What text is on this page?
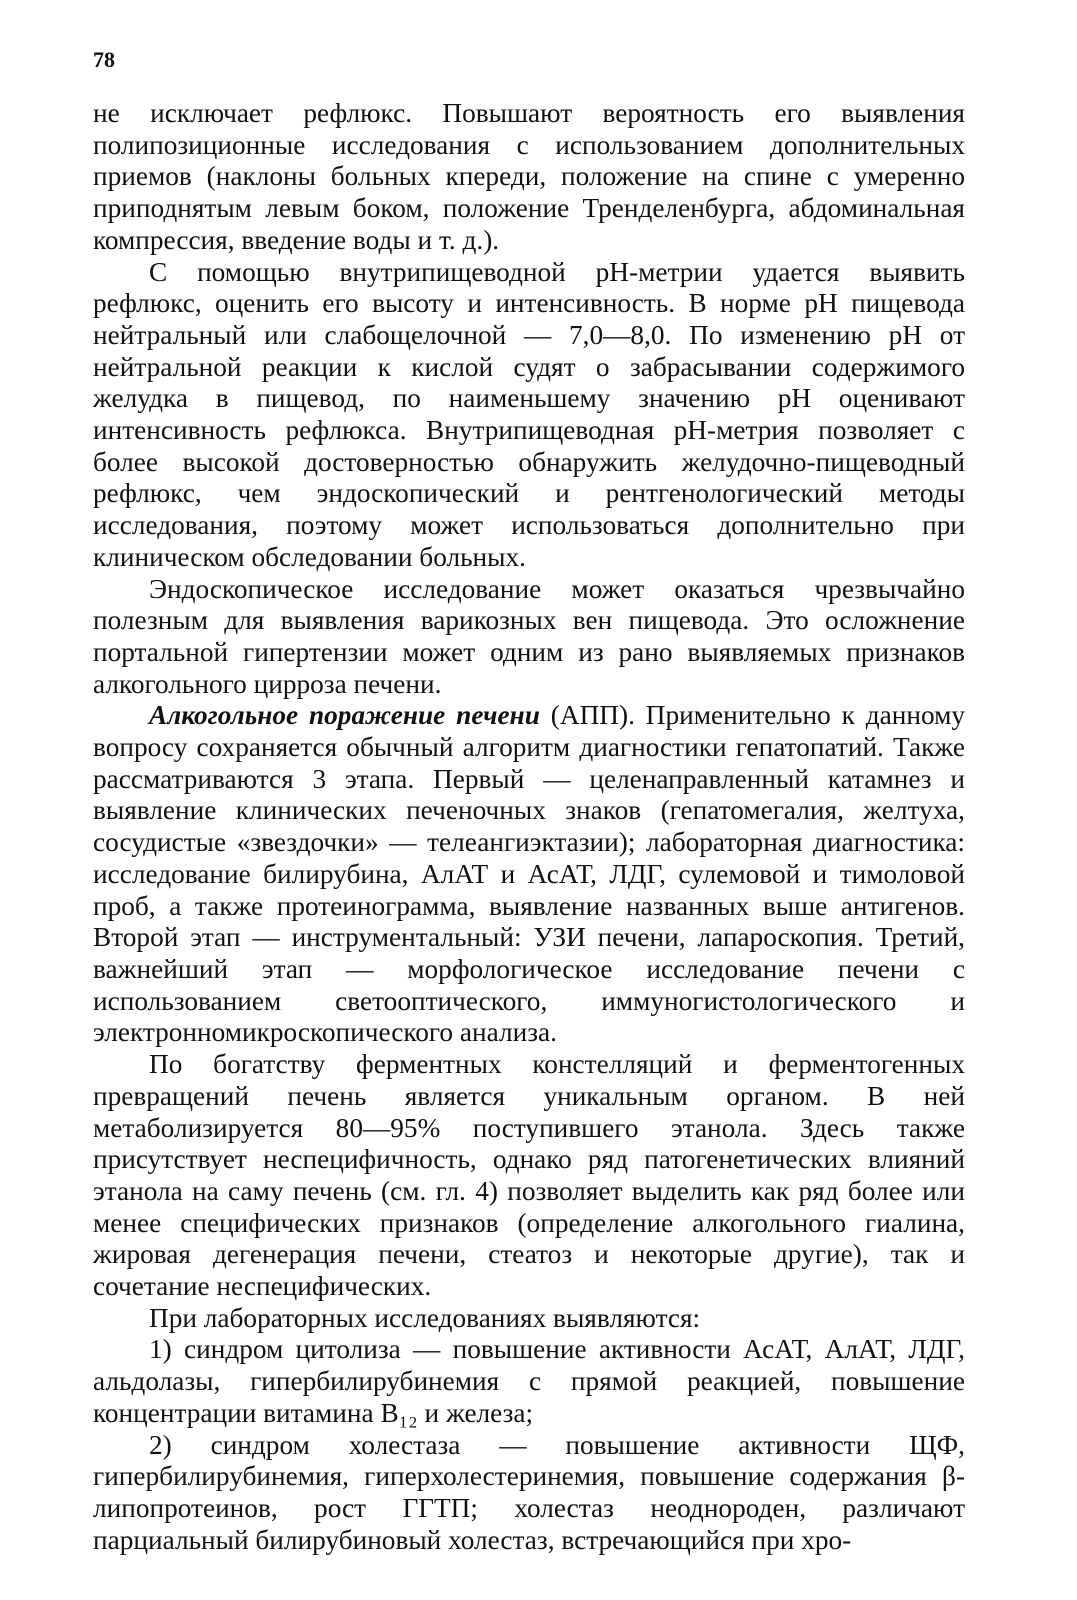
78

не исключает рефлюкс. Повышают вероятность его выявления полипозиционные исследования с использованием дополнительных приемов (наклоны больных кпереди, положение на спине с умеренно приподнятым левым боком, положение Тренделенбурга, абдоминальная компрессия, введение воды и т. д.).

С помощью внутрипищеводной pH-метрии удается выявить рефлюкс, оценить его высоту и интенсивность. В норме pH пищевода нейтральный или слабощелочной — 7,0—8,0. По изменению pH от нейтральной реакции к кислой судят о забрасывании содержимого желудка в пищевод, по наименьшему значению pH оценивают интенсивность рефлюкса. Внутрипищеводная pH-метрия позволяет с более высокой достоверностью обнаружить желудочно-пищеводный рефлюкс, чем эндоскопический и рентгенологический методы исследования, поэтому может использоваться дополнительно при клиническом обследовании больных.

Эндоскопическое исследование может оказаться чрезвычайно полезным для выявления варикозных вен пищевода. Это осложнение портальной гипертензии может одним из рано выявляемых признаков алкогольного цирроза печени.

Алкогольное поражение печени (АПП). Применительно к данному вопросу сохраняется обычный алгоритм диагностики гепатопатий. Также рассматриваются 3 этапа. Первый — целенаправленный катамнез и выявление клинических печеночных знаков (гепатомегалия, желтуха, сосудистые «звездочки» — телеангиэктазии); лабораторная диагностика: исследование билирубина, АлАТ и АсАТ, ЛДГ, сулемовой и тимоловой проб, а также протеинограмма, выявление названных выше антигенов. Второй этап — инструментальный: УЗИ печени, лапароскопия. Третий, важнейший этап — морфологическое исследование печени с использованием светооптического, иммуногистологического и электронномикроскопического анализа.

По богатству ферментных констелляций и ферментогенных превращений печень является уникальным органом. В ней метаболизируется 80—95% поступившего этанола. Здесь также присутствует неспецифичность, однако ряд патогенетических влияний этанола на саму печень (см. гл. 4) позволяет выделить как ряд более или менее специфических признаков (определение алкогольного гиалина, жировая дегенерация печени, стеатоз и некоторые другие), так и сочетание неспецифических.

При лабораторных исследованиях выявляются:

1) синдром цитолиза — повышение активности АсАТ, АлАТ, ЛДГ, альдолазы, гипербилирубинемия с прямой реакцией, повышение концентрации витамина B₁₂ и железа;

2) синдром холестаза — повышение активности ЩФ, гипербилирубинемия, гиперхолестеринемия, повышение содержания β-липопротеинов, рост ГГТП; холестаз неоднороден, различают парциальный билирубиновый холестаз, встречающийся при хро-
